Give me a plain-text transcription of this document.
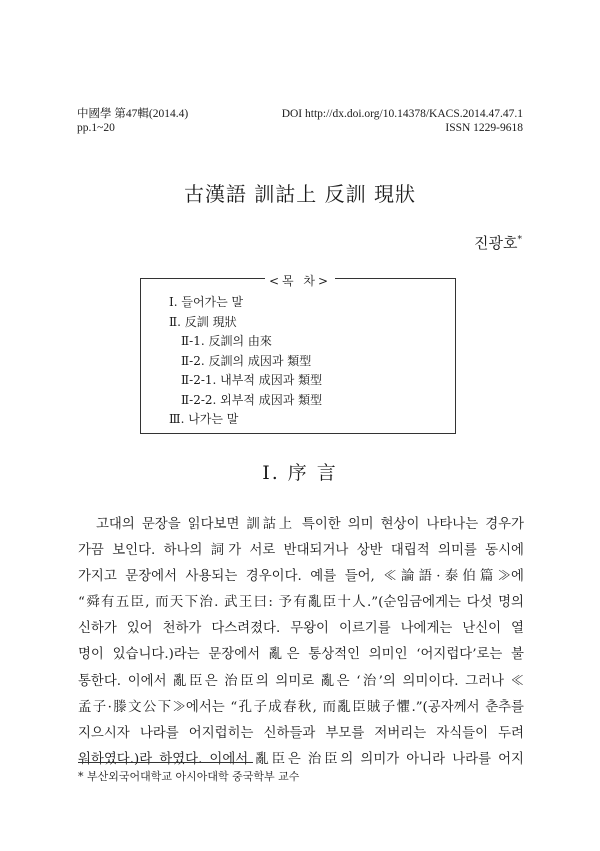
中國學 第47輯(2014.4)
pp.1~20
DOI http://dx.doi.org/10.14378/KACS.2014.47.47.1
ISSN 1229-9618
古漢語 訓詁上 反訓 現狀
진광호*
Ⅰ. 들어가는 말
Ⅱ. 反訓 現狀
Ⅱ-1. 反訓의 由來
Ⅱ-2. 反訓의 成因과 類型
Ⅱ-2-1. 내부적 成因과 類型
Ⅱ-2-2. 외부적 成因과 類型
Ⅲ. 나가는 말
<목 차>
Ⅰ. 序 言
고대의 문장을 읽다보면 訓詁上 특이한 의미 현상이 나타나는 경우가
가끔 보인다. 하나의 詞가 서로 반대되거나 상반 대립적 의미를 동시에
가지고 문장에서 사용되는 경우이다. 예를 들어, ≪論語·泰伯篇≫에
“舜有五臣, 而天下治. 武王曰: 予有亂臣十人.”(순임금에게는 다섯 명의
신하가 있어 천하가 다스려졌다. 무왕이 이르기를 나에게는 난신이 열
명이 있습니다.)라는 문장에서 亂은 통상적인 의미인 ‘어지럽다’로는 불
통한다. 이에서 亂臣은 治臣의 의미로 亂은 ‘治’의 의미이다. 그러나 ≪
孟子·滕文公下≫에서는 “孔子成春秋, 而亂臣賊子懼.”(공자께서 춘추를
지으시자 나라를 어지럽히는 신하들과 부모를 저버리는 자식들이 두려
워하였다.)라 하였다. 이에서 亂臣은 治臣의 의미가 아니라 나라를 어지
* 부산외국어대학교 아시아대학 중국학부 교수
